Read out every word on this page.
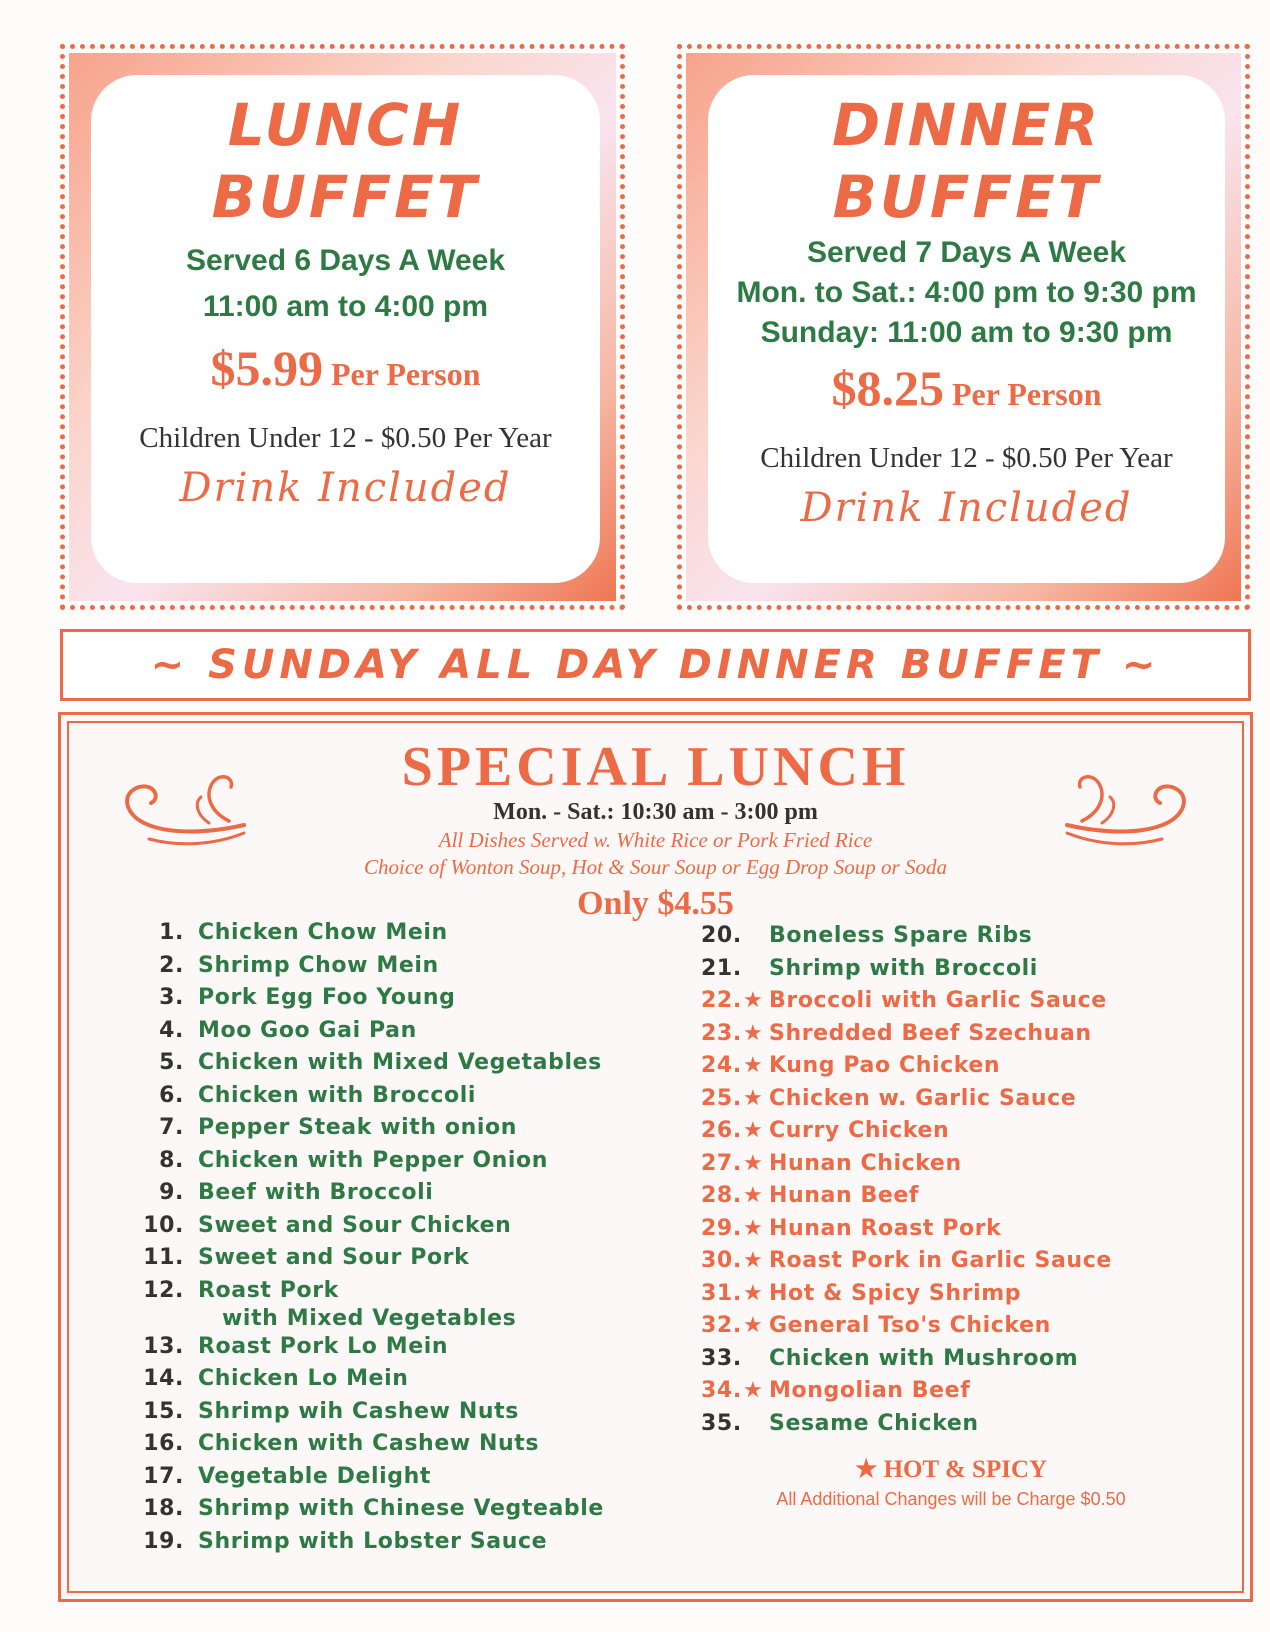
LUNCH
BUFFET
Served 6 Days A Week
11:00 am to 4:00 pm
$5.99 Per Person
Children Under 12 - $0.50 Per Year
Drink Included
DINNER
BUFFET
Served 7 Days A Week
Mon. to Sat.: 4:00 pm to 9:30 pm
Sunday: 11:00 am to 9:30 pm
$8.25 Per Person
Children Under 12 - $0.50 Per Year
Drink Included
~ SUNDAY ALL DAY DINNER BUFFET ~
SPECIAL LUNCH
Mon. - Sat.: 10:30 am - 3:00 pm
All Dishes Served w. White Rice or Pork Fried Rice
Choice of Wonton Soup, Hot & Sour Soup or Egg Drop Soup or Soda
Only $4.55
1. Chicken Chow Mein
2. Shrimp Chow Mein
3. Pork Egg Foo Young
4. Moo Goo Gai Pan
5. Chicken with Mixed Vegetables
6. Chicken with Broccoli
7. Pepper Steak with onion
8. Chicken with Pepper Onion
9. Beef with Broccoli
10. Sweet and Sour Chicken
11. Sweet and Sour Pork
12. Roast Pork
with Mixed Vegetables
13. Roast Pork Lo Mein
14. Chicken Lo Mein
15. Shrimp wih Cashew Nuts
16. Chicken with Cashew Nuts
17. Vegetable Delight
18. Shrimp with Chinese Vegteable
19. Shrimp with Lobster Sauce
20. Boneless Spare Ribs
21. Shrimp with Broccoli
22. ★ Broccoli with Garlic Sauce
23. ★ Shredded Beef Szechuan
24. ★ Kung Pao Chicken
25. ★ Chicken w. Garlic Sauce
26. ★ Curry Chicken
27. ★ Hunan Chicken
28. ★ Hunan Beef
29. ★ Hunan Roast Pork
30. ★ Roast Pork in Garlic Sauce
31. ★ Hot & Spicy Shrimp
32. ★ General Tso's Chicken
33. Chicken with Mushroom
34. ★ Mongolian Beef
35. Sesame Chicken
★ HOT & SPICY
All Additional Changes will be Charge $0.50
